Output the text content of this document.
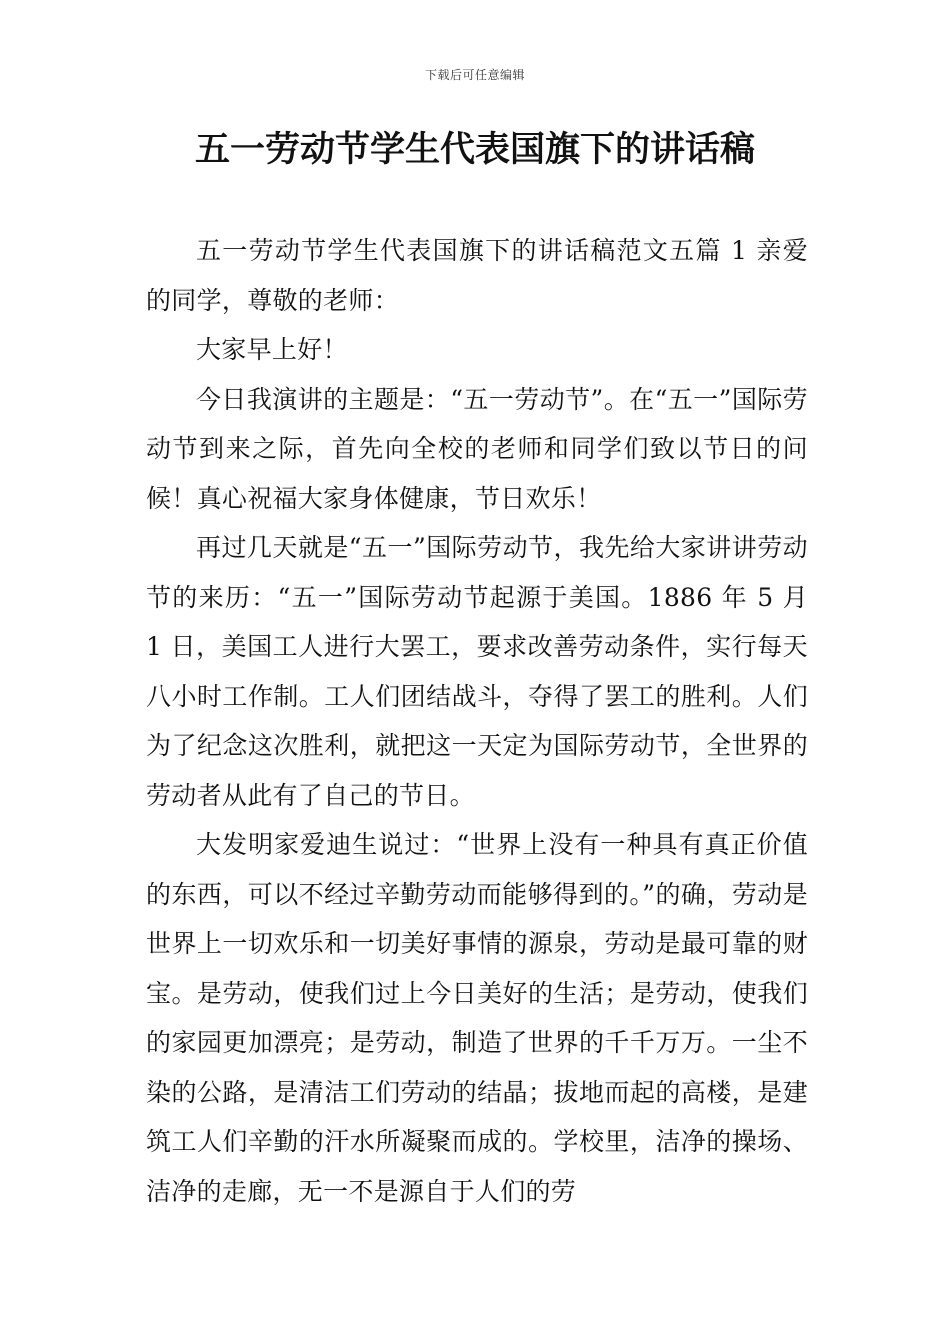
下载后可任意编辑
五一劳动节学生代表国旗下的讲话稿

五一劳动节学生代表国旗下的讲话稿范文五篇 1 亲爱的同学，尊敬的老师：

大家早上好！

今日我演讲的主题是：“五一劳动节”。在“五一”国际劳动节到来之际，首先向全校的老师和同学们致以节日的问候！真心祝福大家身体健康，节日欢乐！

再过几天就是“五一”国际劳动节，我先给大家讲讲劳动节的来历：“五一”国际劳动节起源于美国。1886 年 5 月 1 日，美国工人进行大罢工，要求改善劳动条件，实行每天八小时工作制。工人们团结战斗，夺得了罢工的胜利。人们为了纪念这次胜利，就把这一天定为国际劳动节，全世界的劳动者从此有了自己的节日。

大发明家爱迪生说过：“世界上没有一种具有真正价值的东西，可以不经过辛勤劳动而能够得到的。”的确，劳动是世界上一切欢乐和一切美好事情的源泉，劳动是最可靠的财宝。是劳动，使我们过上今日美好的生活；是劳动，使我们的家园更加漂亮；是劳动，制造了世界的千千万万。一尘不染的公路，是清洁工们劳动的结晶；拔地而起的高楼，是建筑工人们辛勤的汗水所凝聚而成的。学校里，洁净的操场、洁净的走廊，无一不是源自于人们的劳
